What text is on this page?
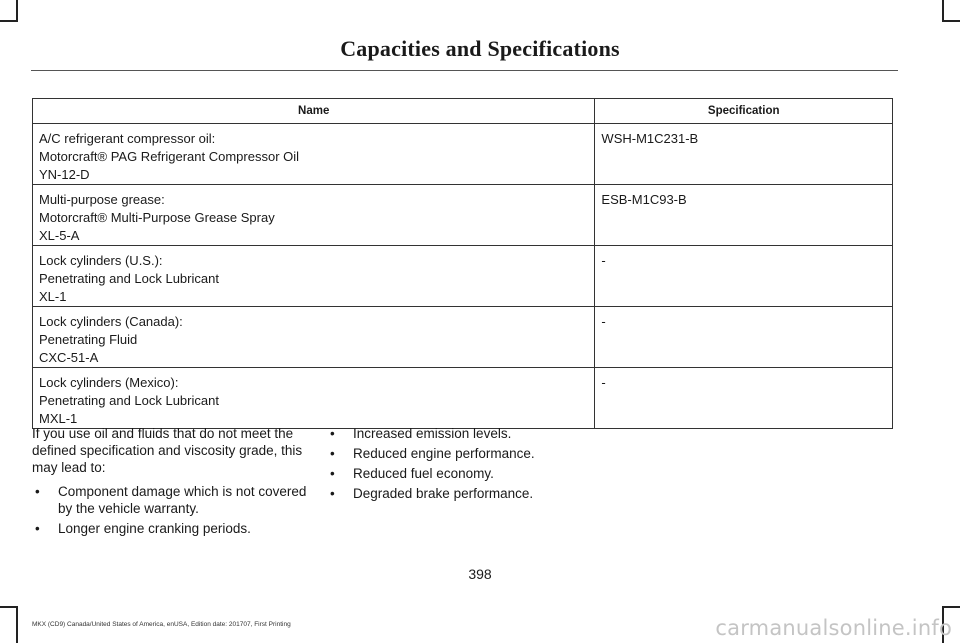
Capacities and Specifications
Name	Specification

A/C refrigerant compressor oil:
Motorcraft® PAG Refrigerant Compressor Oil
YN-12-D	WSH-M1C231-B

Multi-purpose grease:
Motorcraft® Multi-Purpose Grease Spray
XL-5-A	ESB-M1C93-B

Lock cylinders (U.S.):
Penetrating and Lock Lubricant
XL-1	-

Lock cylinders (Canada):
Penetrating Fluid
CXC-51-A	-

Lock cylinders (Mexico):
Penetrating and Lock Lubricant
MXL-1	-

If you use oil and fluids that do not meet the defined specification and viscosity grade, this may lead to:

• Component damage which is not covered by the vehicle warranty.
• Longer engine cranking periods.
• Increased emission levels.
• Reduced engine performance.
• Reduced fuel economy.
• Degraded brake performance.
398
MKX (CD9) Canada/United States of America, enUSA, Edition date: 201707, First Printing	carmanualsonline.info
